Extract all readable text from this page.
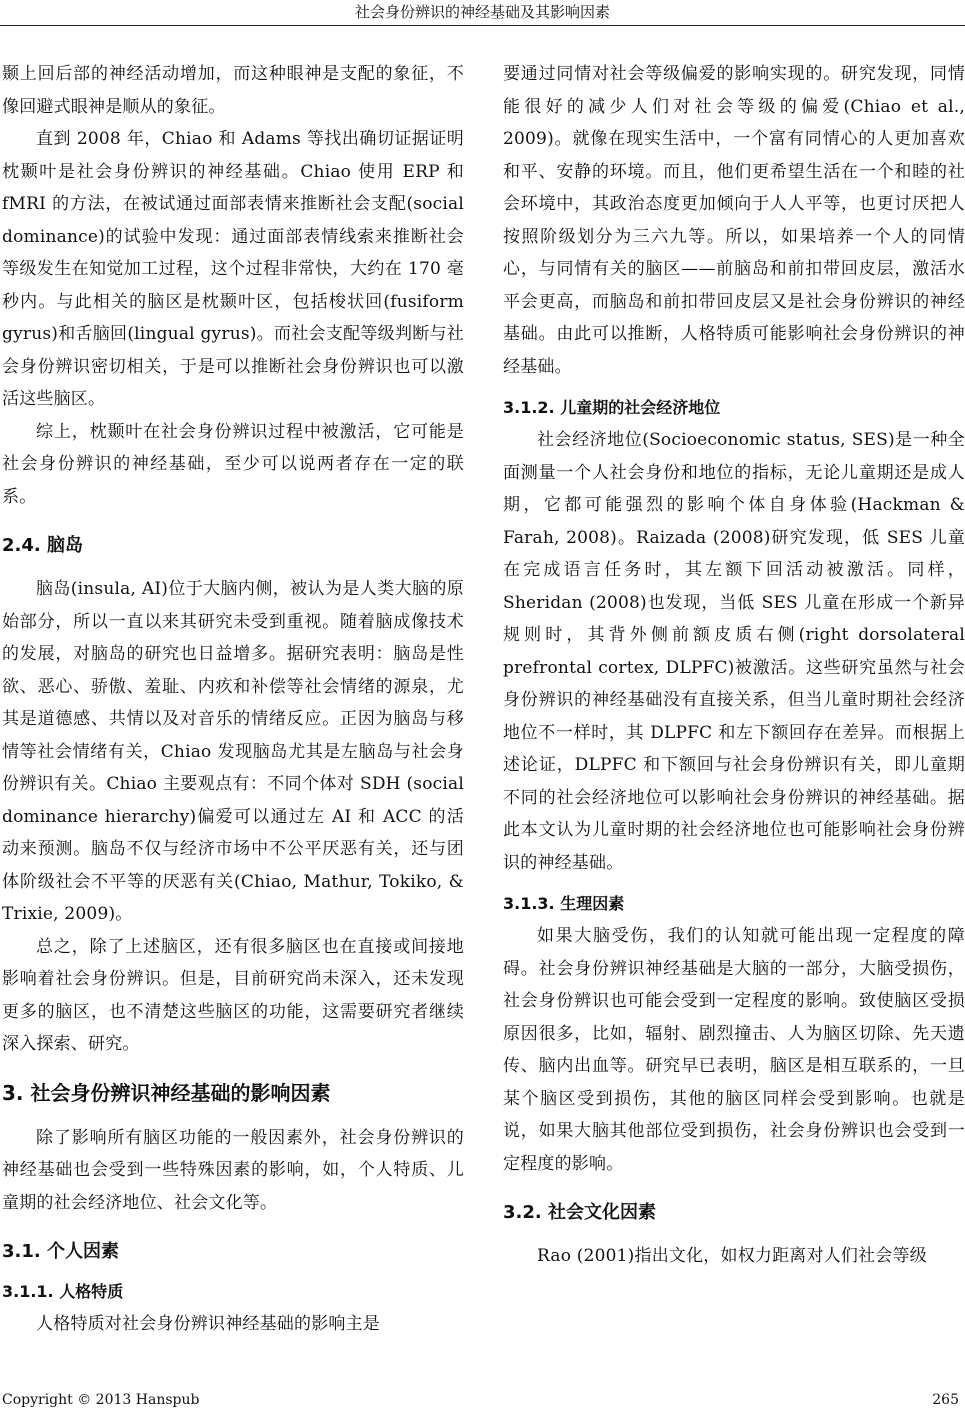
社会身份辨识的神经基础及其影响因素

颞上回后部的神经活动增加，而这种眼神是支配的象征，不像回避式眼神是顺从的象征。

直到 2008 年，Chiao 和 Adams 等找出确切证据证明枕颞叶是社会身份辨识的神经基础。Chiao 使用 ERP 和 fMRI 的方法，在被试通过面部表情来推断社会支配(social dominance)的试验中发现：通过面部表情线索来推断社会等级发生在知觉加工过程，这个过程非常快，大约在 170 毫秒内。与此相关的脑区是枕颞叶区，包括梭状回(fusiform gyrus)和舌脑回(lingual gyrus)。而社会支配等级判断与社会身份辨识密切相关，于是可以推断社会身份辨识也可以激活这些脑区。

综上，枕颞叶在社会身份辨识过程中被激活，它可能是社会身份辨识的神经基础，至少可以说两者存在一定的联系。

2.4. 脑岛

脑岛(insula, AI)位于大脑内侧，被认为是人类大脑的原始部分，所以一直以来其研究未受到重视。随着脑成像技术的发展，对脑岛的研究也日益增多。据研究表明：脑岛是性欲、恶心、骄傲、羞耻、内疚和补偿等社会情绪的源泉，尤其是道德感、共情以及对音乐的情绪反应。正因为脑岛与移情等社会情绪有关，Chiao 发现脑岛尤其是左脑岛与社会身份辨识有关。Chiao 主要观点有：不同个体对 SDH (social dominance hierarchy)偏爱可以通过左 AI 和 ACC 的活动来预测。脑岛不仅与经济市场中不公平厌恶有关，还与团体阶级社会不平等的厌恶有关(Chiao, Mathur, Tokiko, & Trixie, 2009)。

总之，除了上述脑区，还有很多脑区也在直接或间接地影响着社会身份辨识。但是，目前研究尚未深入，还未发现更多的脑区，也不清楚这些脑区的功能，这需要研究者继续深入探索、研究。

3. 社会身份辨识神经基础的影响因素

除了影响所有脑区功能的一般因素外，社会身份辨识的神经基础也会受到一些特殊因素的影响，如，个人特质、儿童期的社会经济地位、社会文化等。

3.1. 个人因素
3.1.1. 人格特质

人格特质对社会身份辨识神经基础的影响主是

要通过同情对社会等级偏爱的影响实现的。研究发现，同情能很好的减少人们对社会等级的偏爱(Chiao et al., 2009)。就像在现实生活中，一个富有同情心的人更加喜欢和平、安静的环境。而且，他们更希望生活在一个和睦的社会环境中，其政治态度更加倾向于人人平等，也更讨厌把人按照阶级划分为三六九等。所以，如果培养一个人的同情心，与同情有关的脑区——前脑岛和前扣带回皮层，激活水平会更高，而脑岛和前扣带回皮层又是社会身份辨识的神经基础。由此可以推断，人格特质可能影响社会身份辨识的神经基础。

3.1.2. 儿童期的社会经济地位

社会经济地位(Socioeconomic status, SES)是一种全面测量一个人社会身份和地位的指标，无论儿童期还是成人期，它都可能强烈的影响个体自身体验(Hackman & Farah, 2008)。Raizada (2008)研究发现，低 SES 儿童在完成语言任务时，其左额下回活动被激活。同样，Sheridan (2008)也发现，当低 SES 儿童在形成一个新异规则时，其背外侧前额皮质右侧(right dorsolateral prefrontal cortex, DLPFC)被激活。这些研究虽然与社会身份辨识的神经基础没有直接关系，但当儿童时期社会经济地位不一样时，其 DLPFC 和左下额回存在差异。而根据上述论证，DLPFC 和下额回与社会身份辨识有关，即儿童期不同的社会经济地位可以影响社会身份辨识的神经基础。据此本文认为儿童时期的社会经济地位也可能影响社会身份辨识的神经基础。

3.1.3. 生理因素

如果大脑受伤，我们的认知就可能出现一定程度的障碍。社会身份辨识神经基础是大脑的一部分，大脑受损伤，社会身份辨识也可能会受到一定程度的影响。致使脑区受损原因很多，比如，辐射、剧烈撞击、人为脑区切除、先天遗传、脑内出血等。研究早已表明，脑区是相互联系的，一旦某个脑区受到损伤，其他的脑区同样会受到影响。也就是说，如果大脑其他部位受到损伤，社会身份辨识也会受到一定程度的影响。

3.2. 社会文化因素

Rao (2001)指出文化，如权力距离对人们社会等级

Copyright © 2013 Hanspub	265
